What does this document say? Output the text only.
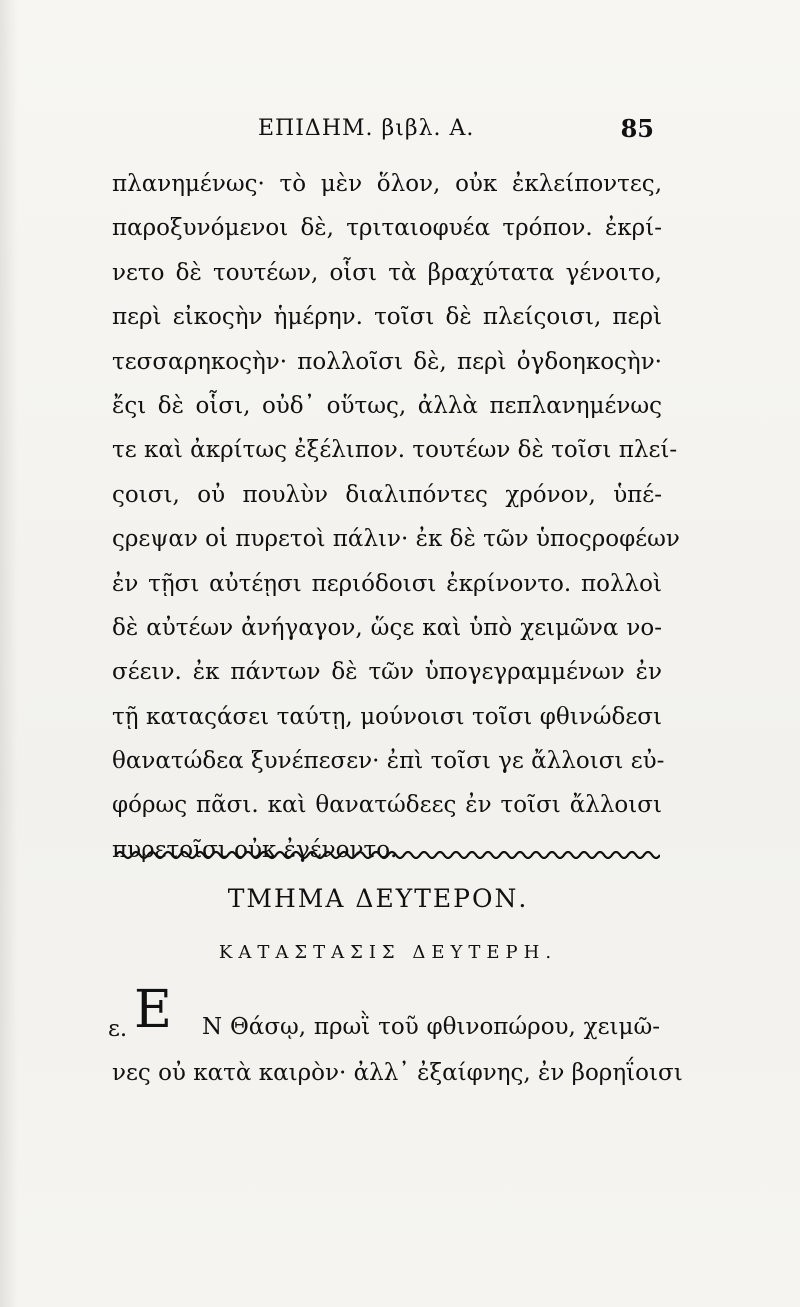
ΕΠΙΔΗΜ. βιβλ. Α.	85
πλανημένως· τὸ μὲν ὅλον, οὐκ ἐκλείποντες,
παροξυνόμενοι δὲ, τριταιοφυέα τρόπον. ἐκρί-
νετο δὲ τουτέων, οἷσι τὰ βραχύτατα γένοιτο,
περὶ εἰκοςὴν ἡμέρην. τοῖσι δὲ πλείςοισι, περὶ
τεσσαρηκοςὴν· πολλοῖσι δὲ, περὶ ὀγδοηκοςὴν·
ἔςι δὲ οἷσι, οὐδ᾽ οὕτως, ἀλλὰ πεπλανημένως
τε καὶ ἀκρίτως ἐξέλιπον. τουτέων δὲ τοῖσι πλεί-
ςοισι, οὐ πουλὺν διαλιπόντες χρόνον, ὑπέ-
ςρεψαν οἱ πυρετοὶ πάλιν· ἐκ δὲ τῶν ὑποςροφέων
ἐν τῇσι αὐτέῃσι περιόδοισι ἐκρίνοντο. πολλοὶ
δὲ αὐτέων ἀνήγαγον, ὥςε καὶ ὑπὸ χειμῶνα νο-
σέειν. ἐκ πάντων δὲ τῶν ὑπογεγραμμένων ἐν
τῇ καταςάσει ταύτῃ, μούνοισι τοῖσι φθινώδεσι
θανατώδεα ξυνέπεσεν· ἐπὶ τοῖσι γε ἄλλοισι εὐ-
φόρως πᾶσι. καὶ θανατώδεες ἐν τοῖσι ἄλλοισι
πυρετοῖσι οὐκ ἐγένοντο.
ΤΜΗΜΑ ΔΕΥΤΕΡΟΝ.
ΚΑΤΑΣΤΑΣΙΣ ΔΕΥΤΕΡΗ.
ε. Ε Ν Θάσῳ, πρωῒ τοῦ φθινοπώρου, χειμῶ-
νες οὐ κατὰ καιρὸν· ἀλλ᾽ ἐξαίφνης, ἐν βορηΐοισι
